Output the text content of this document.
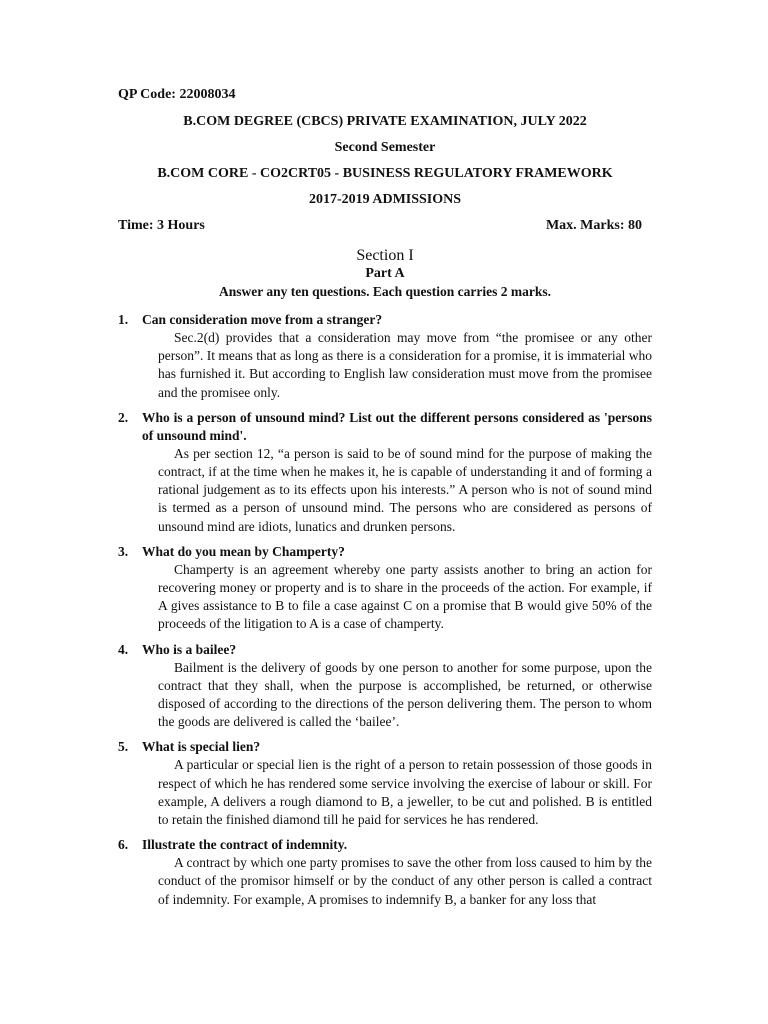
QP Code: 22008034
B.COM DEGREE (CBCS) PRIVATE EXAMINATION, JULY 2022
Second Semester
B.COM CORE - CO2CRT05 - BUSINESS REGULATORY FRAMEWORK
2017-2019 ADMISSIONS
Time: 3 Hours	Max. Marks: 80
Section I
Part A
Answer any ten questions. Each question carries 2 marks.
1.	Can consideration move from a stranger?

Sec.2(d) provides that a consideration may move from “the promisee or any other person”. It means that as long as there is a consideration for a promise, it is immaterial who has furnished it. But according to English law consideration must move from the promisee and the promisee only.

2.	Who is a person of unsound mind? List out the different persons considered as 'persons of unsound mind'.

As per section 12, “a person is said to be of sound mind for the purpose of making the contract, if at the time when he makes it, he is capable of understanding it and of forming a rational judgement as to its effects upon his interests.” A person who is not of sound mind is termed as a person of unsound mind. The persons who are considered as persons of unsound mind are idiots, lunatics and drunken persons.

3.	What do you mean by Champerty?

Champerty is an agreement whereby one party assists another to bring an action for recovering money or property and is to share in the proceeds of the action. For example, if A gives assistance to B to file a case against C on a promise that B would give 50% of the proceeds of the litigation to A is a case of champerty.

4.	Who is a bailee?

Bailment is the delivery of goods by one person to another for some purpose, upon the contract that they shall, when the purpose is accomplished, be returned, or otherwise disposed of according to the directions of the person delivering them. The person to whom the goods are delivered is called the ‘bailee’.

5.	What is special lien?

A particular or special lien is the right of a person to retain possession of those goods in respect of which he has rendered some service involving the exercise of labour or skill. For example, A delivers a rough diamond to B, a jeweller, to be cut and polished. B is entitled to retain the finished diamond till he paid for services he has rendered.

6.	Illustrate the contract of indemnity.

A contract by which one party promises to save the other from loss caused to him by the conduct of the promisor himself or by the conduct of any other person is called a contract of indemnity. For example, A promises to indemnify B, a banker for any loss that
